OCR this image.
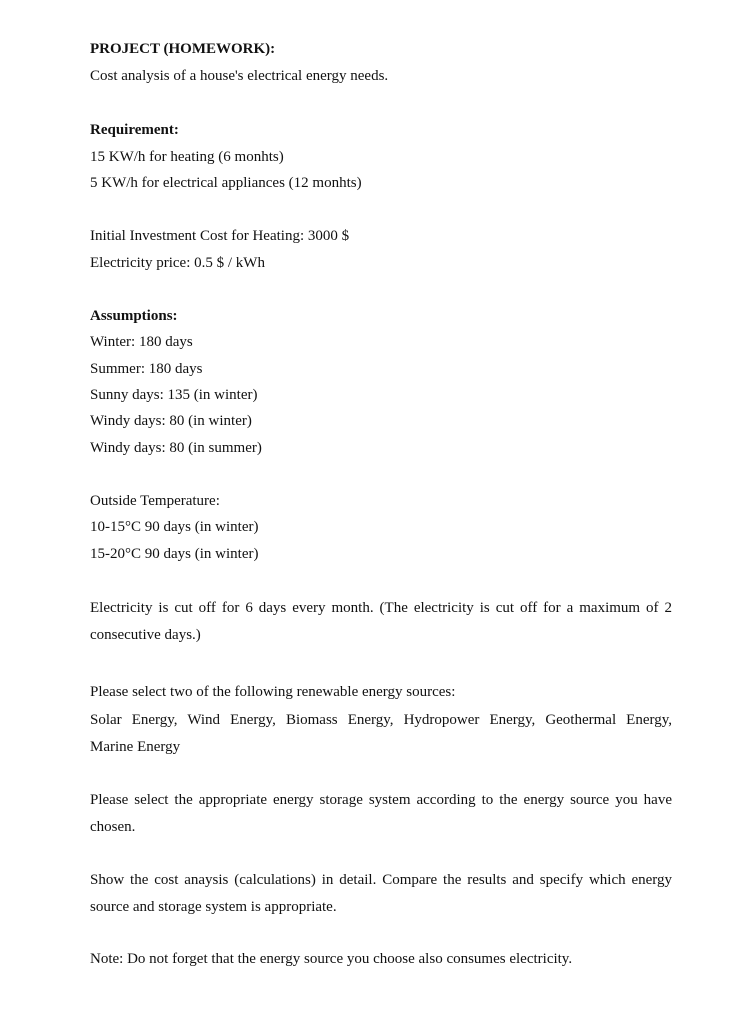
PROJECT (HOMEWORK):
Cost analysis of a house's electrical energy needs.
Requirement:
15 KW/h for heating (6 monhts)
5 KW/h for electrical appliances (12 monhts)
Initial Investment Cost for Heating: 3000 $
Electricity price: 0.5 $ / kWh
Assumptions:
Winter: 180 days
Summer: 180 days
Sunny days: 135 (in winter)
Windy days: 80 (in winter)
Windy days: 80 (in summer)
Outside Temperature:
10-15°C 90 days (in winter)
15-20°C 90 days (in winter)
Electricity is cut off for 6 days every month. (The electricity is cut off for a maximum of 2
consecutive days.)
Please select two of the following renewable energy sources:
Solar Energy, Wind Energy, Biomass Energy, Hydropower Energy, Geothermal Energy,
Marine Energy
Please select the appropriate energy storage system according to the energy source you have
chosen.
Show the cost anaysis (calculations) in detail. Compare the results and specify which energy
source and storage system is appropriate.
Note: Do not forget that the energy source you choose also consumes electricity.
